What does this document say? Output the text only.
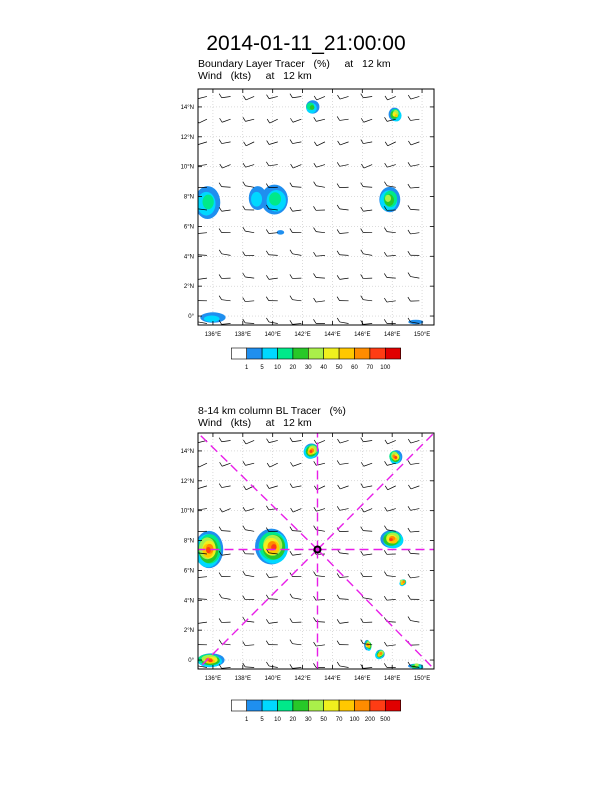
2014-01-11_21:00:00
Boundary Layer Tracer   (%)     at   12 km
Wind   (kts)     at   12 km
8-14 km column BL Tracer   (%)
Wind   (kts)     at   12 km
136°E 138°E 140°E 142°E 144°E 146°E 148°E 150°E
0°
2°N
4°N
6°N
8°N
10°N
12°N
14°N
1 5 10 20 30 40 50 60 70 100
136°E 138°E 140°E 142°E 144°E 146°E 148°E 150°E
0°
2°N
4°N
6°N
8°N
10°N
12°N
14°N
1 5 10 20 30 50 70 100 200 500
